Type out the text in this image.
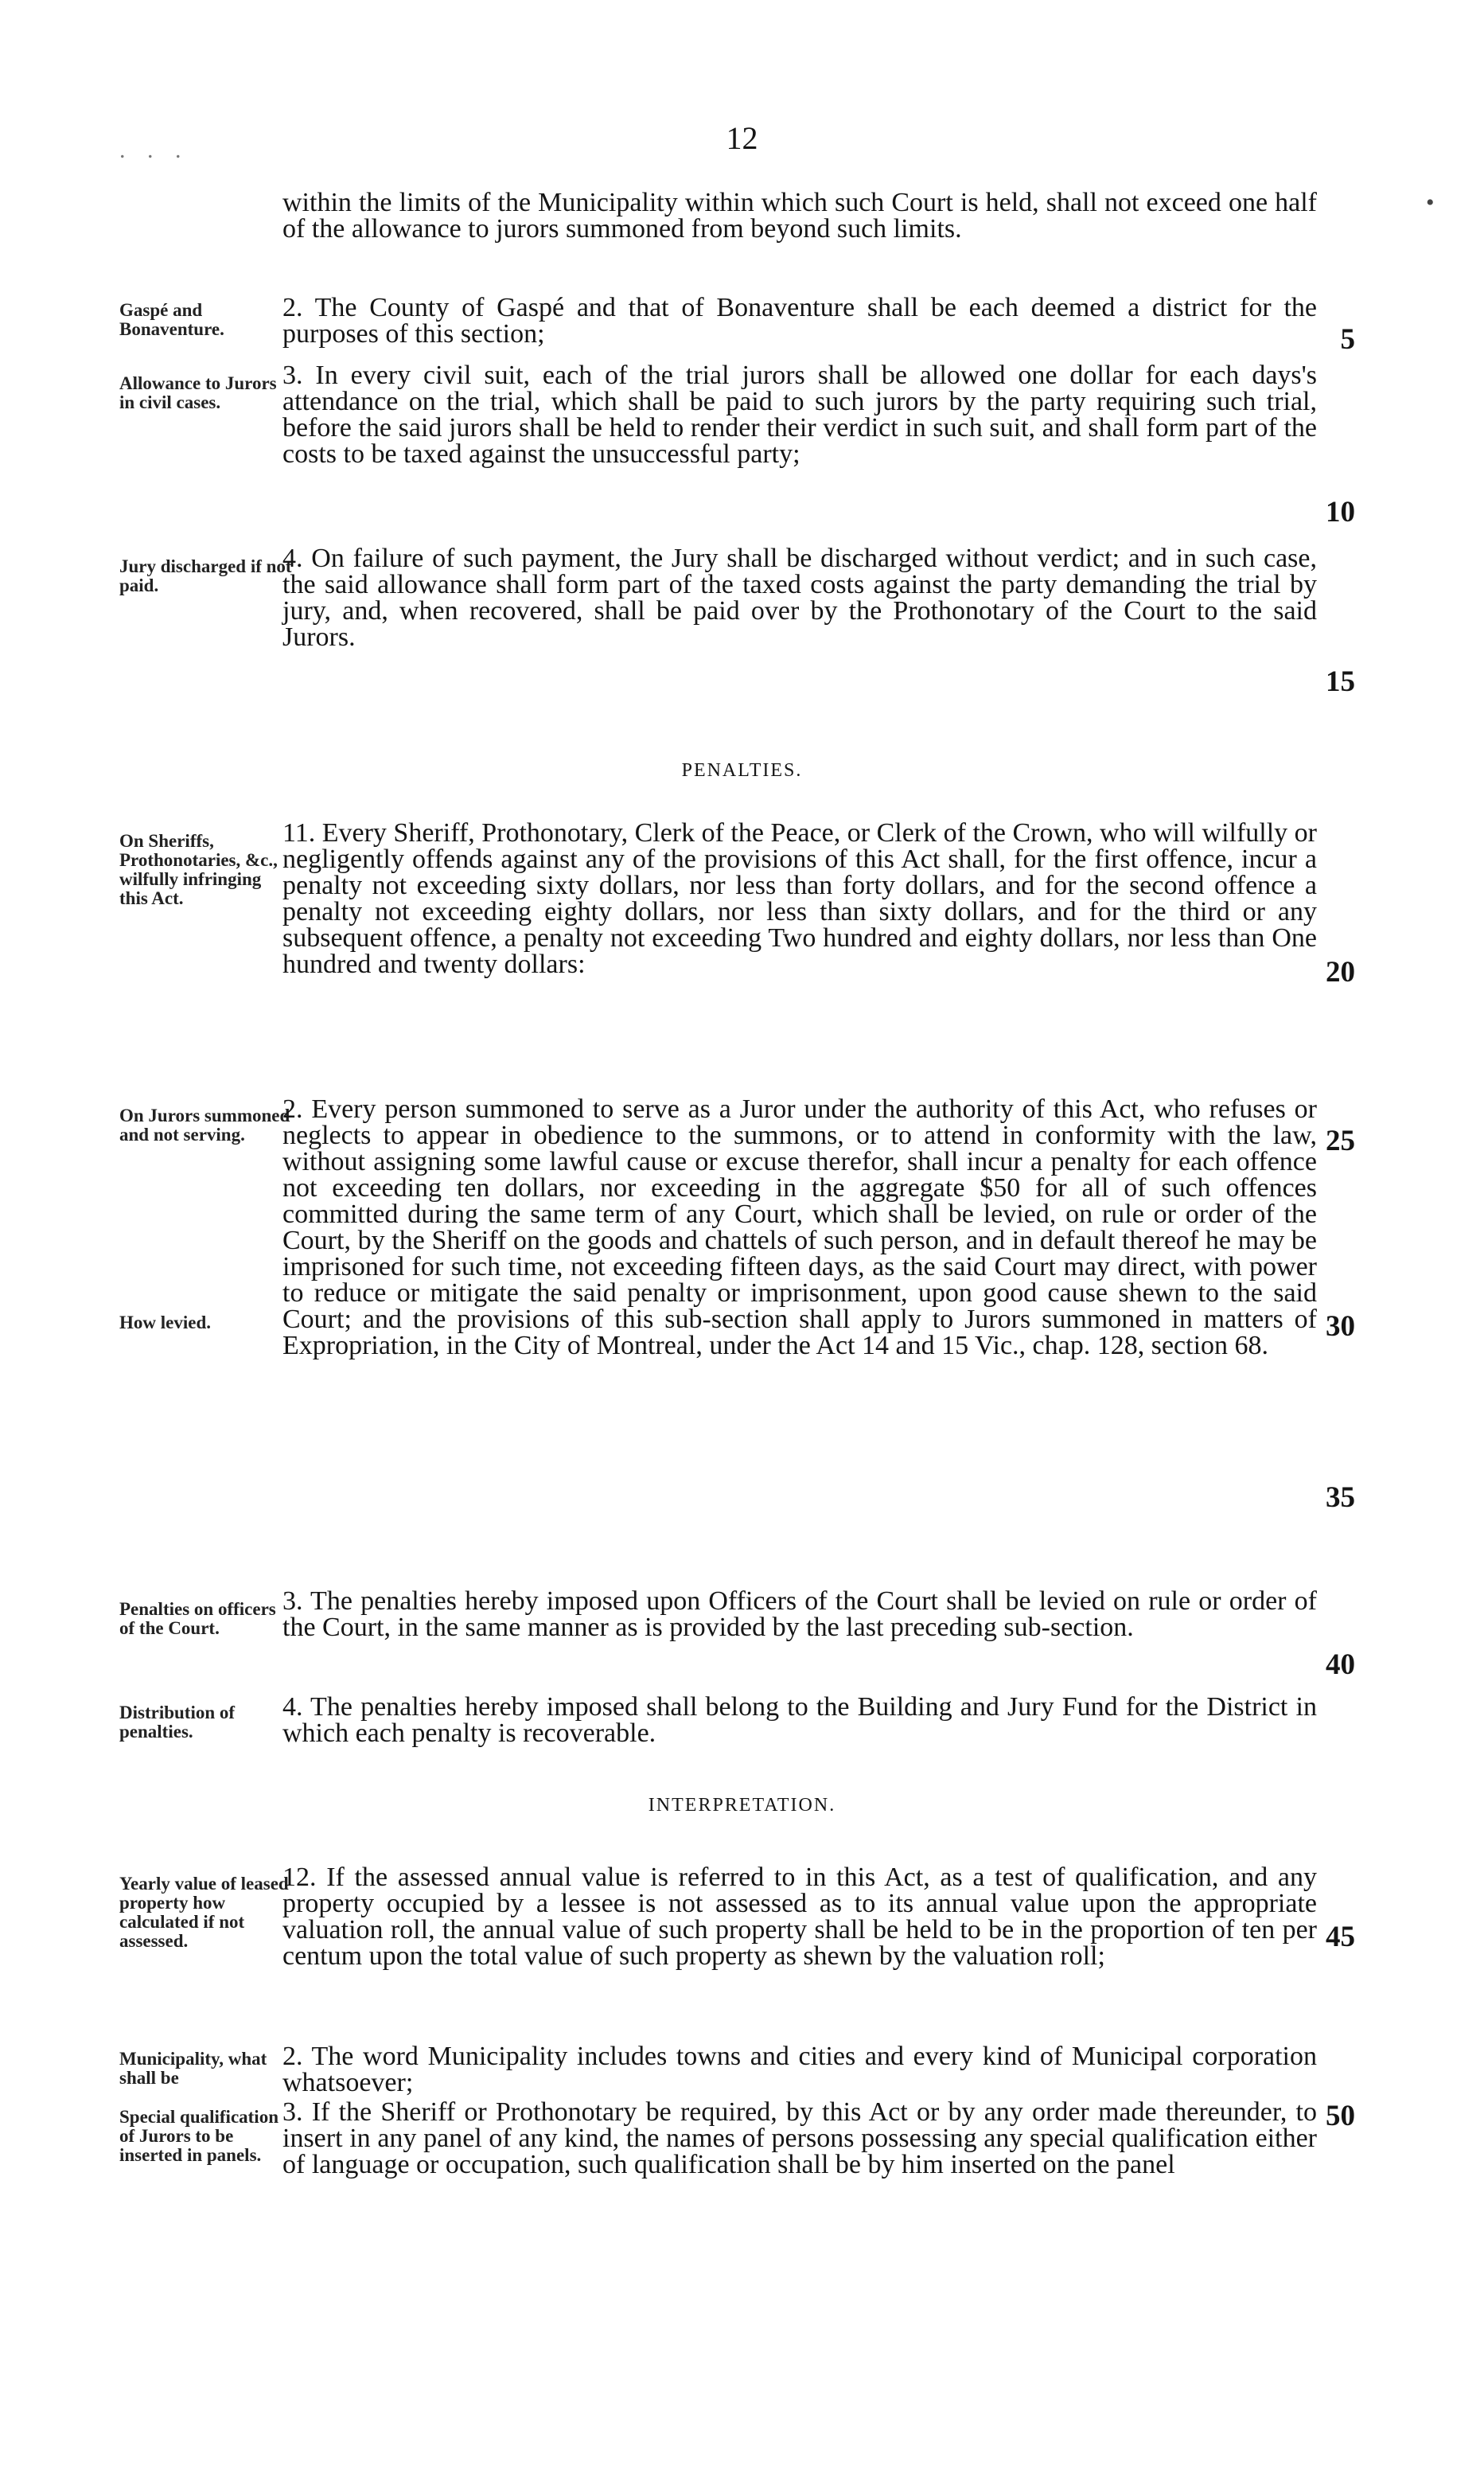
. . .
•
12
within the limits of the Municipality within which such Court is held, shall not exceed one half of the allowance to jurors summoned from beyond such limits.
Gaspé and Bonaventure.
2. The County of Gaspé and that of Bonaventure shall be each deemed a district for the purposes of this section;	5
Allowance to Jurors in civil cases.
3. In every civil suit, each of the trial jurors shall be allowed one dollar for each days's attendance on the trial, which shall be paid to such jurors by the party requiring such trial, before the said jurors shall be held to render their verdict in such suit, and shall form part of the costs to be taxed against the unsuccessful party;
10
Jury discharged if not paid.
4. On failure of such payment, the Jury shall be discharged without verdict; and in such case, the said allowance shall form part of the taxed costs against the party demanding the trial by jury, and, when recovered, shall be paid over by the Prothonotary of the Court to the said Jurors.
15
PENALTIES.
On Sheriffs, Prothonotaries, &c., wilfully infringing this Act.
11. Every Sheriff, Prothonotary, Clerk of the Peace, or Clerk of the Crown, who will wilfully or negligently offends against any of the provisions of this Act shall, for the first offence, incur a penalty not exceeding sixty dollars, nor less than forty dollars, and for the second offence a penalty not exceeding eighty dollars, nor less than sixty dollars, and for the third or any subsequent offence, a penalty not exceeding Two hundred and eighty dollars, nor less than One hundred and twenty dollars:	20
On Jurors summoned and not serving.
2. Every person summoned to serve as a Juror under the authority of this Act, who refuses or neglects to appear in obedience to the summons, or to attend in conformity with the law, without assigning some lawful cause or excuse therefor, shall incur a penalty for each offence not exceeding ten dollars, nor exceeding in the aggregate $50 for all of such offences committed during the same term of any Court, which shall be levied, on rule or order of the Court, by the Sheriff on the goods and chattels of such person, and in default thereof he may be imprisoned for such time, not exceeding fifteen days, as the said Court may direct, with power to reduce or mitigate the said penalty or imprisonment, upon good cause shewn to the said Court; and the provisions of this sub-section shall apply to Jurors summoned in matters of Expropriation, in the City of Montreal, under the Act 14 and 15 Vic., chap. 128, section 68.
25
How levied.	30
35
Penalties on officers of the Court.
3. The penalties hereby imposed upon Officers of the Court shall be levied on rule or order of the Court, in the same manner as is provided by the last preceding sub-section.
40
Distribution of penalties.
4. The penalties hereby imposed shall belong to the Building and Jury Fund for the District in which each penalty is recoverable.
INTERPRETATION.
Yearly value of leased property how calculated if not assessed.
12. If the assessed annual value is referred to in this Act, as a test of qualification, and any property occupied by a lessee is not assessed as to its annual value upon the appropriate valuation roll, the annual value of such property shall be held to be in the proportion of ten per centum upon the total value of such property as shewn by the valuation roll;
45
Municipality, what shall be
2. The word Municipality includes towns and cities and every kind of Municipal corporation whatsoever;
Special qualification of Jurors to be inserted in panels.
3. If the Sheriff or Prothonotary be required, by this Act or by any order made thereunder, to insert in any panel of any kind, the names of persons possessing any special qualification either of language or occupation, such qualification shall be by him inserted on the panel
50
